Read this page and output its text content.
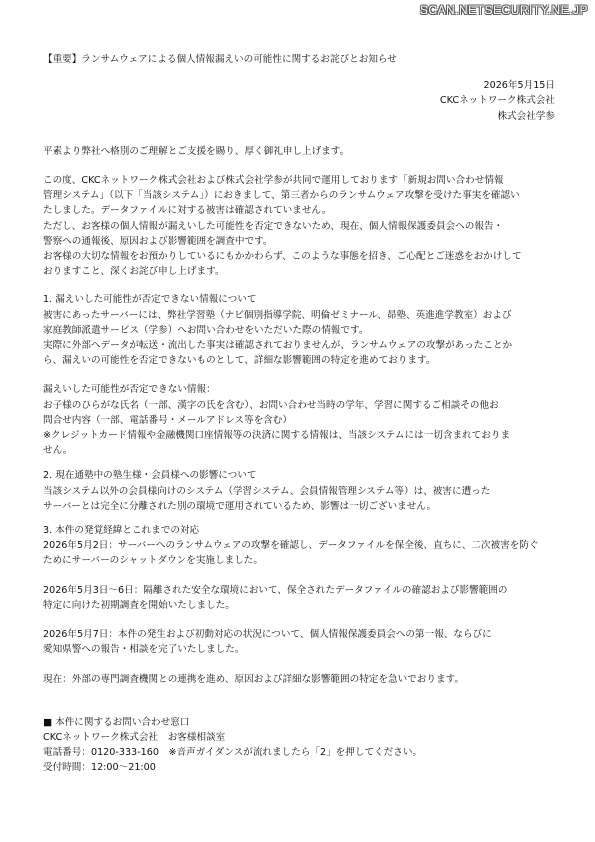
SCAN.NETSECURITY.NE.JP

【重要】ランサムウェアによる個人情報漏えいの可能性に関するお詫びとお知らせ

2026年5月15日
CKCネットワーク株式会社
株式会社学参

平素より弊社へ格別のご理解とご支援を賜り、厚く御礼申し上げます。

この度、CKCネットワーク株式会社および株式会社学参が共同で運用しております「新規お問い合わせ情報

管理システム」（以下「当該システム」）におきまして、第三者からのランサムウェア攻撃を受けた事実を確認い

たしました。データファイルに対する被害は確認されていません。

ただし、お客様の個人情報が漏えいした可能性を否定できないため、現在、個人情報保護委員会への報告・

警察への通報後、原因および影響範囲を調査中です。

お客様の大切な情報をお預かりしているにもかかわらず、このような事態を招き、ご心配とご迷惑をおかけして

おりますこと、深くお詫び申し上げます。

1. 漏えいした可能性が否定できない情報について

被害にあったサーバーには、弊社学習塾（ナビ個別指導学院、明倫ゼミナール、昴塾、英進進学教室）および

家庭教師派遣サービス（学参）へお問い合わせをいただいた際の情報です。

実際に外部へデータが転送・流出した事実は確認されておりませんが、ランサムウェアの攻撃があったことか

ら、漏えいの可能性を否定できないものとして、詳細な影響範囲の特定を進めております。

漏えいした可能性が否定できない情報：

お子様のひらがな氏名（一部、漢字の氏を含む）、お問い合わせ当時の学年、学習に関するご相談その他お

問合せ内容（一部、電話番号・メールアドレス等を含む）

※クレジットカード情報や金融機関口座情報等の決済に関する情報は、当該システムには一切含まれておりま

せん。

2. 現在通塾中の塾生様・会員様への影響について

当該システム以外の会員様向けのシステム（学習システム、会員情報管理システム等）は、被害に遭った

サーバーとは完全に分離された別の環境で運用されているため、影響は一切ございません。

3. 本件の発覚経緯とこれまでの対応

2026年5月2日：サーバーへのランサムウェアの攻撃を確認し、データファイルを保全後、直ちに、二次被害を防ぐ

ためにサーバーのシャットダウンを実施しました。

2026年5月3日～6日：隔離された安全な環境において、保全されたデータファイルの確認および影響範囲の

特定に向けた初期調査を開始いたしました。

2026年5月7日：本件の発生および初動対応の状況について、個人情報保護委員会への第一報、ならびに

愛知県警への報告・相談を完了いたしました。

現在：外部の専門調査機関との連携を進め、原因および詳細な影響範囲の特定を急いでおります。

■ 本件に関するお問い合わせ窓口

CKCネットワーク株式会社　お客様相談室

電話番号：0120-333-160　※音声ガイダンスが流れましたら「2」を押してください。

受付時間：12:00～21:00
